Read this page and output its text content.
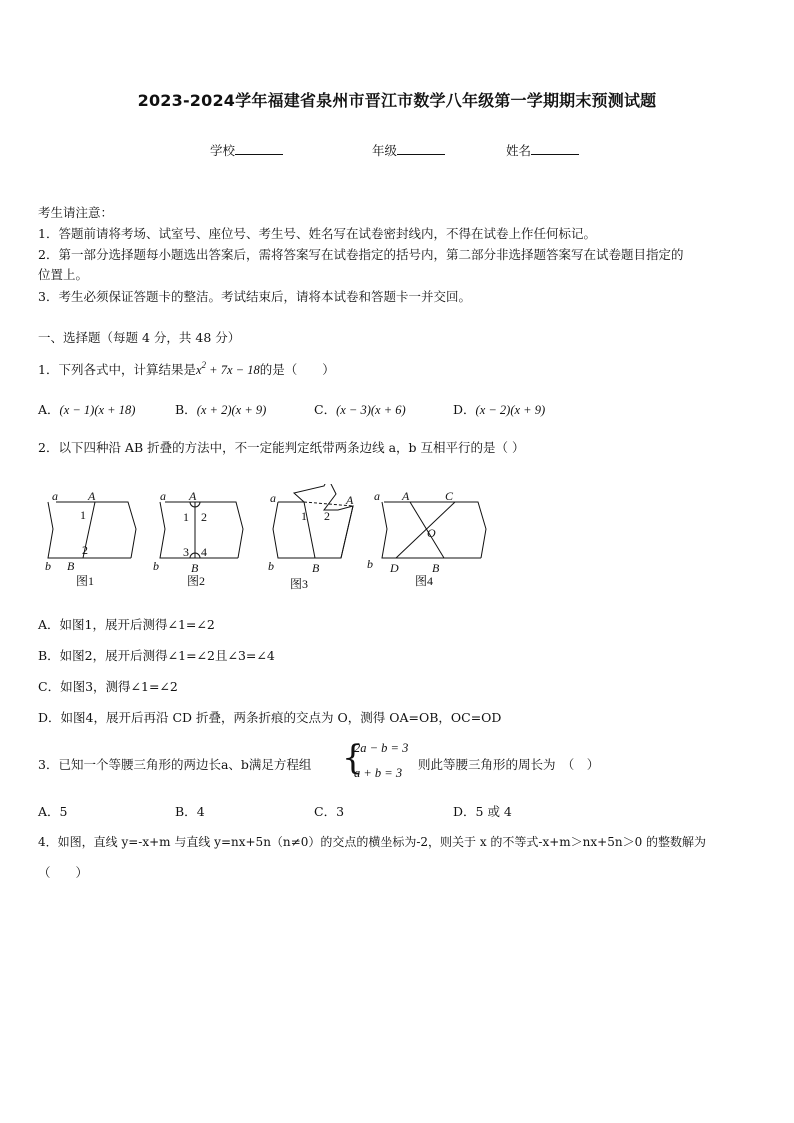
2023-2024学年福建省泉州市晋江市数学八年级第一学期期末预测试题
学校	年级	姓名
考生请注意：
1．答题前请将考场、试室号、座位号、考生号、姓名写在试卷密封线内，不得在试卷上作任何标记。
2．第一部分选择题每小题选出答案后，需将答案写在试卷指定的括号内，第二部分非选择题答案写在试卷题目指定的
位置上。
3．考生必须保证答题卡的整洁。考试结束后，请将本试卷和答题卡一并交回。
一、选择题（每题 4 分，共 48 分）
1．下列各式中，计算结果是$x^2 + 7x - 18$的是（　　）
A．(x − 1)(x + 18)	B．(x + 2)(x + 9)	C．(x − 3)(x + 6)	D．(x − 2)(x + 9)
2．以下四种沿 AB 折叠的方法中，不一定能判定纸带两条边线 a，b 互相平行的是（ ）
a	A
1
2
b B
图1
a A
1 2
3 4
b	B
图2
a	A
1 2
b	B
图3
a A	C
O
b D	B
图4
A．如图1，展开后测得∠1=∠2
B．如图2，展开后测得∠1=∠2且∠3=∠4
C．如图3，测得∠1=∠2
D．如图4，展开后再沿 CD 折叠，两条折痕的交点为 O，测得 OA=OB，OC=OD
3．已知一个等腰三角形的两边长a、b满足方程组 {
2a − b = 3
a + b = 3
则此等腰三角形的周长为　（　）
A．5	B．4	C．3	D．5 或 4
4．如图，直线 y=-x+m 与直线 y=nx+5n（n≠0）的交点的横坐标为-2，则关于 x 的不等式-x+m＞nx+5n＞0 的整数解为
（　　）
